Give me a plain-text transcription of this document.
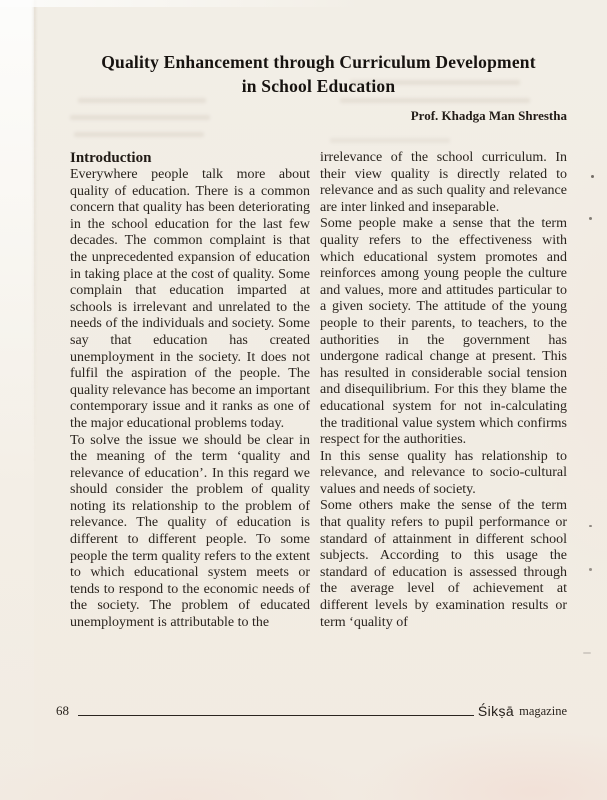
Quality Enhancement through Curriculum Development
in School Education
Prof. Khadga Man Shrestha
Introduction

Everywhere people talk more about quality of education. There is a common concern that quality has been deteriorating in the school education for the last few decades. The common complaint is that the unprecedented expansion of education in taking place at the cost of quality. Some complain that education imparted at schools is irrelevant and unrelated to the needs of the individuals and society. Some say that education has created unemployment in the society. It does not fulfil the aspiration of the people. The quality relevance has become an important contemporary issue and it ranks as one of the major educational problems today.

To solve the issue we should be clear in the meaning of the term ‘quality and relevance of education’. In this regard we should consider the problem of quality noting its relationship to the problem of relevance. The quality of education is different to different people. To some people the term quality refers to the extent to which educational system meets or tends to respond to the economic needs of the society. The problem of educated unemployment is attributable to the

irrelevance of the school curriculum. In their view quality is directly related to relevance and as such quality and relevance are inter linked and inseparable.

Some people make a sense that the term quality refers to the effectiveness with which educational system promotes and reinforces among young people the culture and values, more and attitudes particular to a given society. The attitude of the young people to their parents, to teachers, to the authorities in the government has undergone radical change at present. This has resulted in considerable social tension and disequilibrium. For this they blame the educational system for not in-calculating the traditional value system which confirms respect for the authorities.

In this sense quality has relationship to relevance, and relevance to socio-cultural values and needs of society.

Some others make the sense of the term that quality refers to pupil performance or standard of attainment in different school subjects. According to this usage the standard of education is assessed through the average level of achievement at different levels by examination results or term ‘quality of

68	Śikṣā magazine
